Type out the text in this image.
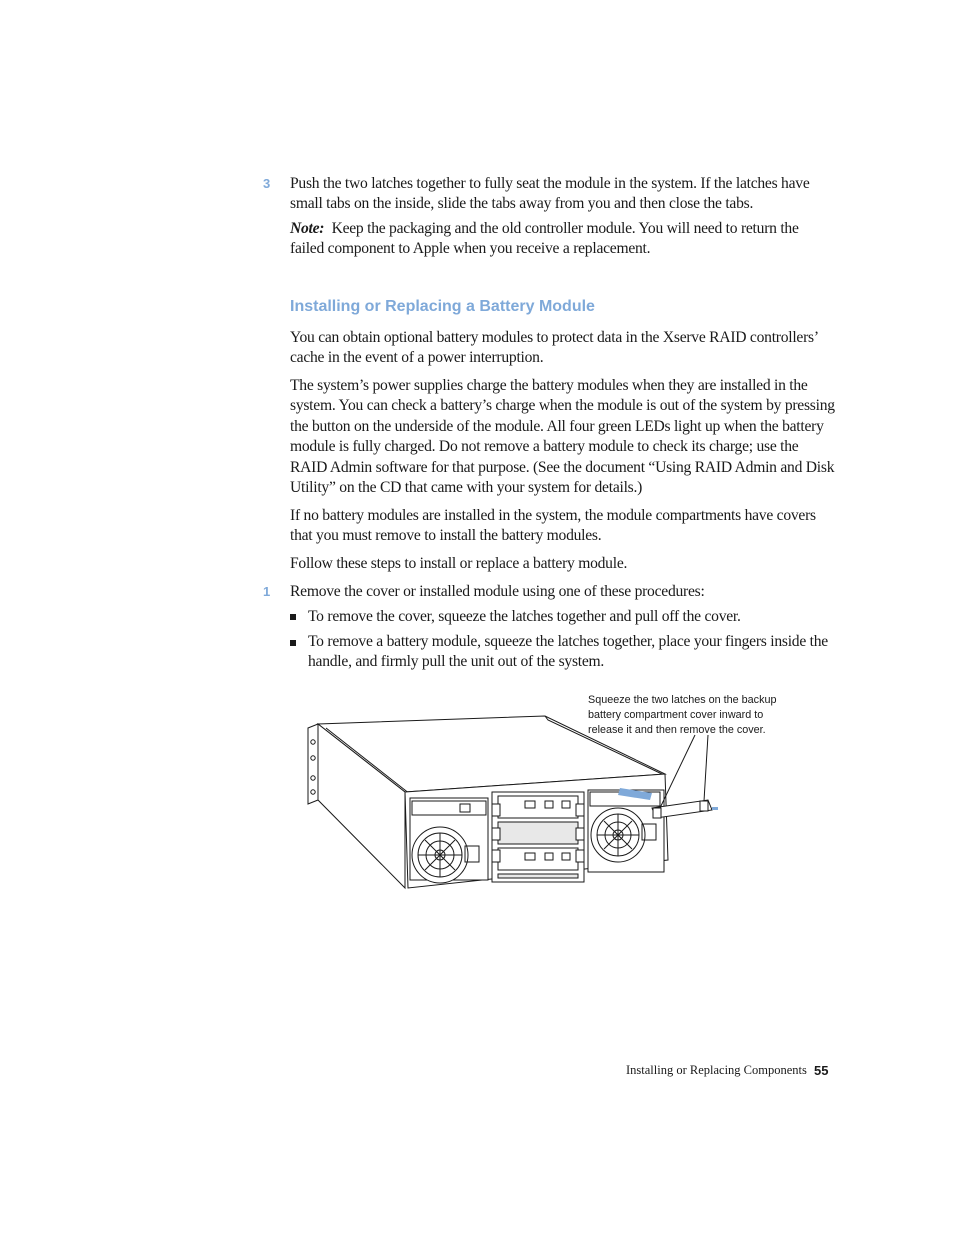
3 Push the two latches together to fully seat the module in the system. If the latches have small tabs on the inside, slide the tabs away from you and then close the tabs.

Note: Keep the packaging and the old controller module. You will need to return the failed component to Apple when you receive a replacement.

Installing or Replacing a Battery Module

You can obtain optional battery modules to protect data in the Xserve RAID controllers’ cache in the event of a power interruption.

The system’s power supplies charge the battery modules when they are installed in the system. You can check a battery’s charge when the module is out of the system by pressing the button on the underside of the module. All four green LEDs light up when the battery module is fully charged. Do not remove a battery module to check its charge; use the RAID Admin software for that purpose. (See the document “Using RAID Admin and Disk Utility” on the CD that came with your system for details.)

If no battery modules are installed in the system, the module compartments have covers that you must remove to install the battery modules.

Follow these steps to install or replace a battery module.

1 Remove the cover or installed module using one of these procedures:

To remove the cover, squeeze the latches together and pull off the cover.

To remove a battery module, squeeze the latches together, place your fingers inside the handle, and firmly pull the unit out of the system.

Squeeze the two latches on the backup battery compartment cover inward to release it and then remove the cover.

Installing or Replacing Components 55
